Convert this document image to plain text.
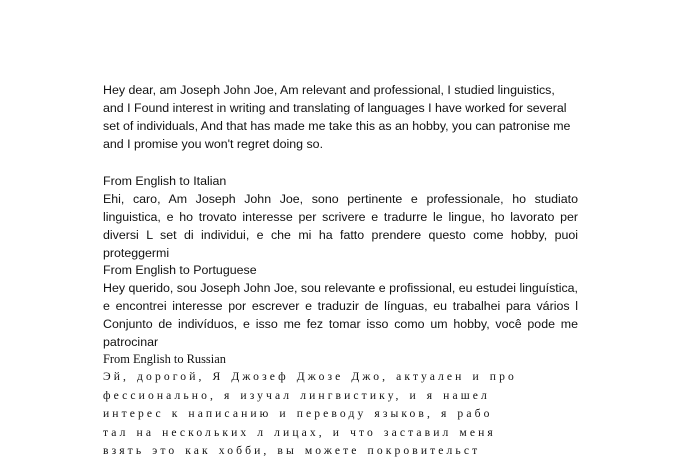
Hey dear, am Joseph John Joe, Am relevant and professional, I studied linguistics, and I Found interest in writing and translating of languages I have worked for several set of individuals, And that has made me take this as an hobby, you can patronise me and I promise you won't regret doing so.

From English to Italian

Ehi, caro, Am Joseph John Joe, sono pertinente e professionale, ho studiato linguistica, e ho trovato interesse per scrivere e tradurre le lingue, ho lavorato per diversi L set di individui, e che mi ha fatto prendere questo come hobby, puoi proteggermi

From English to Portuguese

Hey querido, sou Joseph John Joe, sou relevante e profissional, eu estudei linguística, e encontrei interesse por escrever e traduzir de línguas, eu trabalhei para vários l Conjunto de indivíduos, e isso me fez tomar isso como um hobby, você pode me patrocinar

From English to Russian

Эй, дорогой, Я Джозеф Джозе Джо, актуален и про
фессионально, я изучал лингвистику, и я нашел
интерес к написанию и переводу языков, я рабо
тал на нескольких л лицах, и что заставил меня
взять это как хобби, вы можете покровительст
